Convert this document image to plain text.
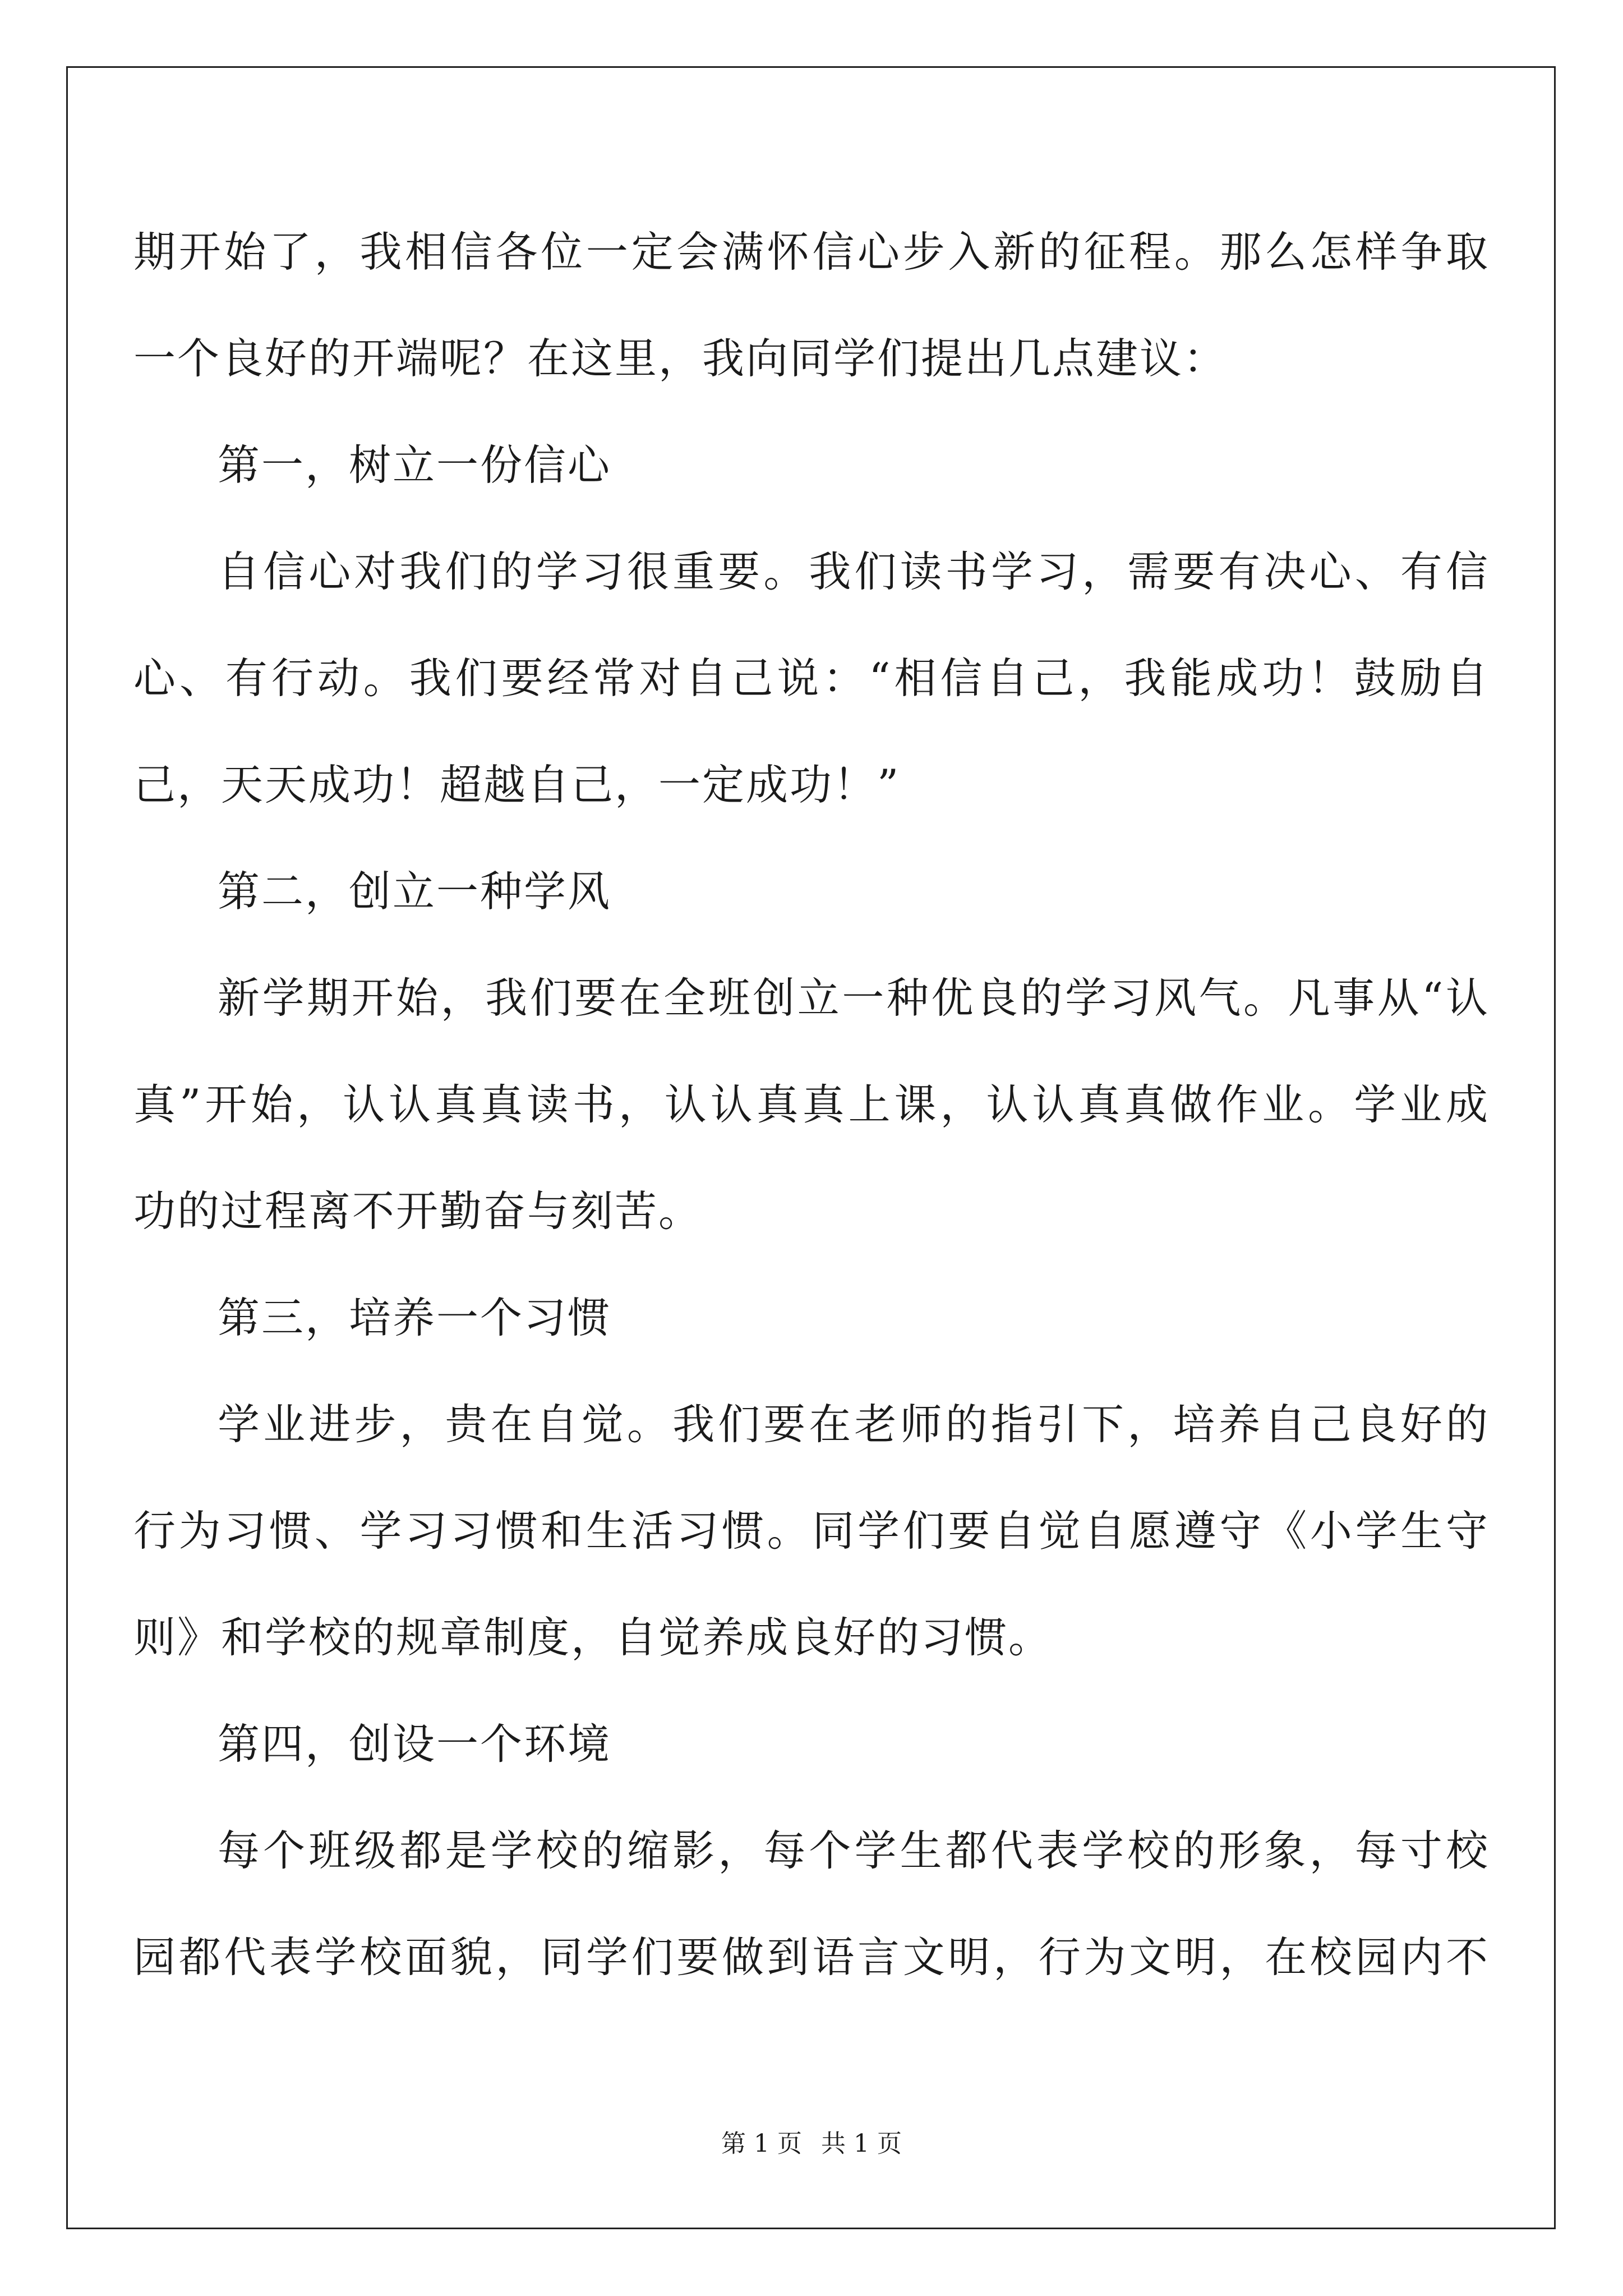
期开始了，我相信各位一定会满怀信心步入新的征程。那么怎样争取
一个良好的开端呢？在这里，我向同学们提出几点建议：
第一，树立一份信心
自信心对我们的学习很重要。我们读书学习，需要有决心、有信
心、有行动。我们要经常对自己说：“相信自己，我能成功！鼓励自
己，天天成功！超越自己，一定成功！”
第二，创立一种学风
新学期开始，我们要在全班创立一种优良的学习风气。凡事从“认
真”开始，认认真真读书，认认真真上课，认认真真做作业。学业成
功的过程离不开勤奋与刻苦。
第三，培养一个习惯
学业进步，贵在自觉。我们要在老师的指引下，培养自己良好的
行为习惯、学习习惯和生活习惯。同学们要自觉自愿遵守《小学生守
则》和学校的规章制度，自觉养成良好的习惯。
第四，创设一个环境
每个班级都是学校的缩影，每个学生都代表学校的形象，每寸校
园都代表学校面貌，同学们要做到语言文明，行为文明，在校园内不
第 1 页 共 1 页
